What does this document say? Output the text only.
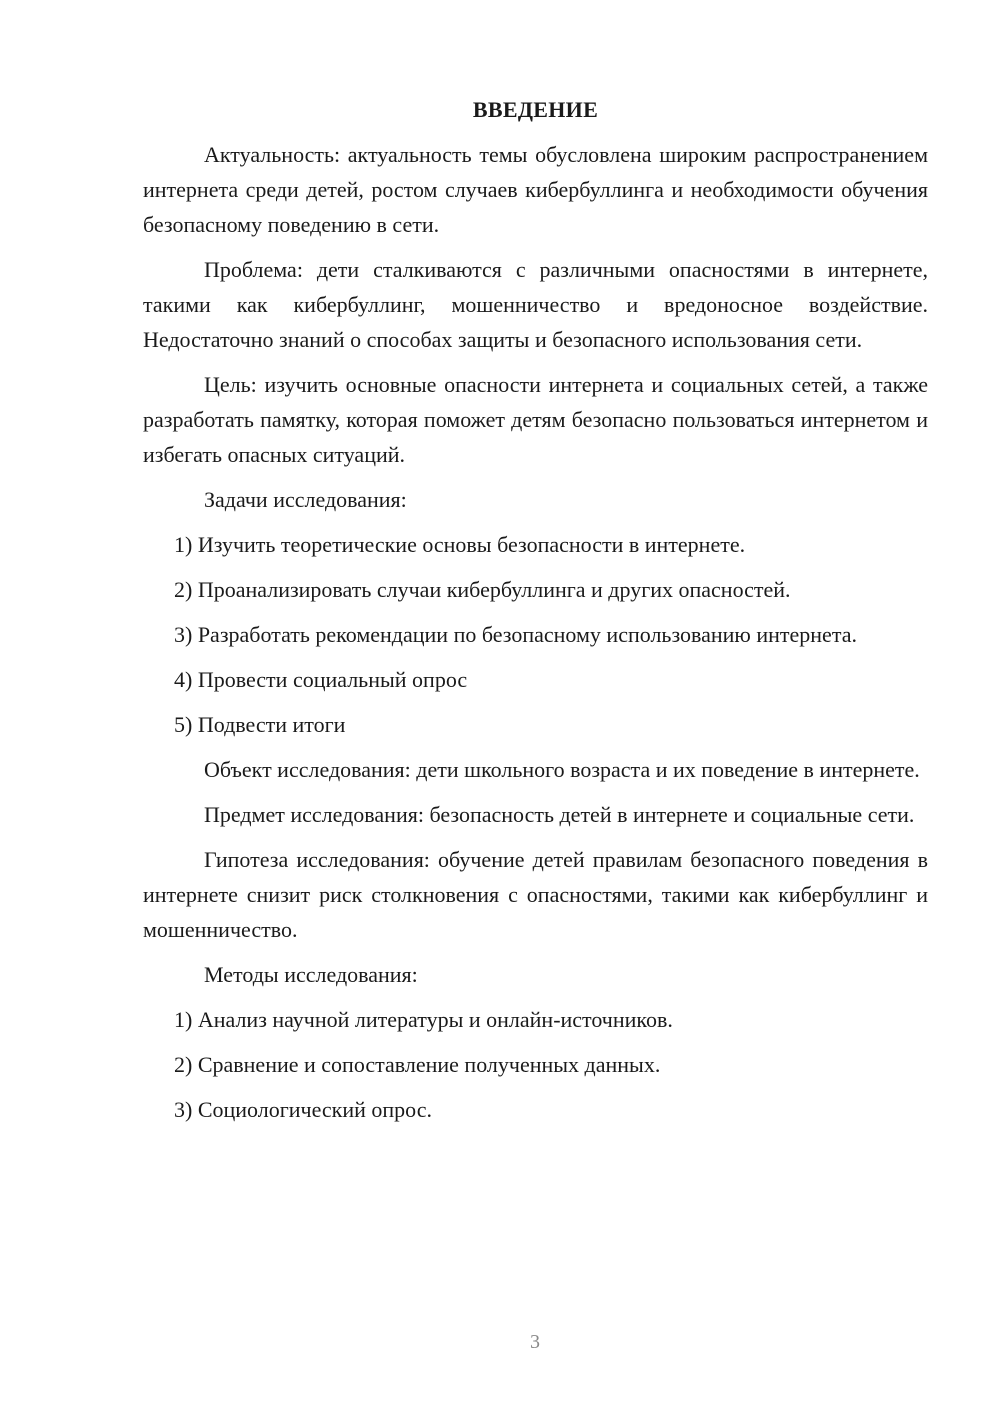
ВВЕДЕНИЕ

Актуальность: актуальность темы обусловлена широким распространением интернета среди детей, ростом случаев кибербуллинга и необходимости обучения безопасному поведению в сети.

Проблема: дети сталкиваются с различными опасностями в интернете, такими как кибербуллинг, мошенничество и вредоносное воздействие. Недостаточно знаний о способах защиты и безопасного использования сети.

Цель: изучить основные опасности интернета и социальных сетей, а также разработать памятку, которая поможет детям безопасно пользоваться интернетом и избегать опасных ситуаций.

Задачи исследования:

1) Изучить теоретические основы безопасности в интернете.

2) Проанализировать случаи кибербуллинга и других опасностей.

3) Разработать рекомендации по безопасному использованию интернета.

4) Провести социальный опрос

5) Подвести итоги

Объект исследования: дети школьного возраста и их поведение в интернете.

Предмет исследования: безопасность детей в интернете и социальные сети.

Гипотеза исследования: обучение детей правилам безопасного поведения в интернете снизит риск столкновения с опасностями, такими как кибербуллинг и мошенничество.

Методы исследования:

1) Анализ научной литературы и онлайн-источников.

2) Сравнение и сопоставление полученных данных.

3) Социологический опрос.

3
